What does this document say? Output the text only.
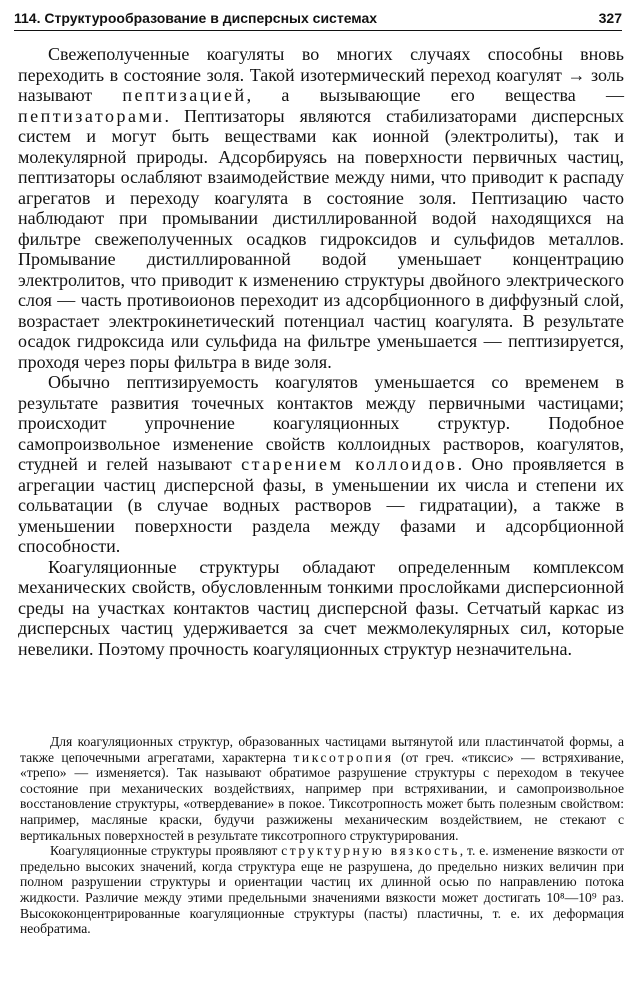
114. Структурообразование в дисперсных системах	327

Свежеполученные коагуляты во многих случаях способны вновь переходить в состояние золя. Такой изотермический переход коагулят → золь называют пептизацией, а вызывающие его вещества — пептизаторами. Пептизаторы являются стабилизаторами дисперсных систем и могут быть веществами как ионной (электролиты), так и молекулярной природы. Адсорбируясь на поверхности первичных частиц, пептизаторы ослабляют взаимодействие между ними, что приводит к распаду агрегатов и переходу коагулята в состояние золя. Пептизацию часто наблюдают при промывании дистиллированной водой находящихся на фильтре свежеполученных осадков гидроксидов и сульфидов металлов. Промывание дистиллированной водой уменьшает концентрацию электролитов, что приводит к изменению структуры двойного электрического слоя — часть противоионов переходит из адсорбционного в диффузный слой, возрастает электрокинетический потенциал частиц коагулята. В результате осадок гидроксида или сульфида на фильтре уменьшается — пептизируется, проходя через поры фильтра в виде золя.

Обычно пептизируемость коагулятов уменьшается со временем в результате развития точечных контактов между первичными частицами; происходит упрочнение коагуляционных структур. Подобное самопроизвольное изменение свойств коллоидных растворов, коагулятов, студней и гелей называют старением коллоидов. Оно проявляется в агрегации частиц дисперсной фазы, в уменьшении их числа и степени их сольватации (в случае водных растворов — гидратации), а также в уменьшении поверхности раздела между фазами и адсорбционной способности.

Коагуляционные структуры обладают определенным комплексом механических свойств, обусловленным тонкими прослойками дисперсионной среды на участках контактов частиц дисперсной фазы. Сетчатый каркас из дисперсных частиц удерживается за счет межмолекулярных сил, которые невелики. Поэтому прочность коагуляционных структур незначительна.

Для коагуляционных структур, образованных частицами вытянутой или пластинчатой формы, а также цепочечными агрегатами, характерна тиксотропия (от греч. «тиксис» — встряхивание, «трепо» — изменяется). Так называют обратимое разрушение структуры с переходом в текучее состояние при механических воздействиях, например при встряхивании, и самопроизвольное восстановление структуры, «отвердевание» в покое. Тиксотропность может быть полезным свойством: например, масляные краски, будучи разжижены механическим воздействием, не стекают с вертикальных поверхностей в результате тиксотропного структурирования.

Коагуляционные структуры проявляют структурную вязкость, т. е. изменение вязкости от предельно высоких значений, когда структура еще не разрушена, до предельно низких величин при полном разрушении структуры и ориентации частиц их длинной осью по направлению потока жидкости. Различие между этими предельными значениями вязкости может достигать 10⁸—10⁹ раз. Высококонцентрированные коагуляционные структуры (пасты) пластичны, т. е. их деформация необратима.
